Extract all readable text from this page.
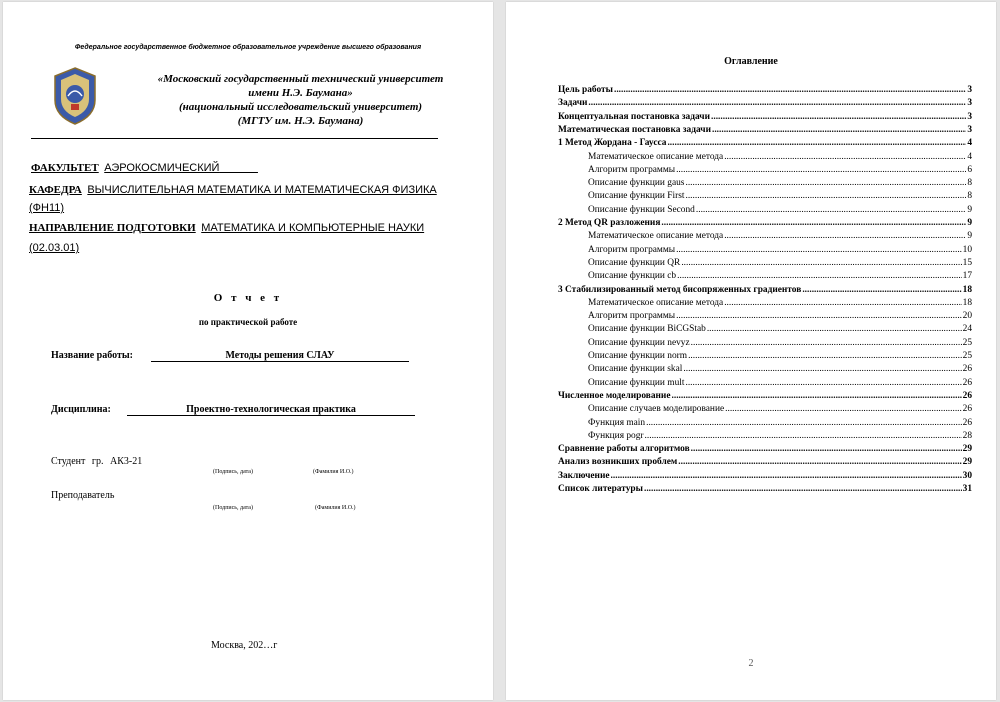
Федеральное государственное бюджетное образовательное учреждение высшего образования
«Московский государственный технический университет
имени Н.Э. Баумана»
(национальный исследовательский университет)
(МГТУ им. Н.Э. Баумана)
ФАКУЛЬТЕТ АЭРОКОСМИЧЕСКИЙ
КАФЕДРА ВЫЧИСЛИТЕЛЬНАЯ МАТЕМАТИКА И МАТЕМАТИЧЕСКАЯ ФИЗИКА
(ФН11)
НАПРАВЛЕНИЕ ПОДГОТОВКИ МАТЕМАТИКА И КОМПЬЮТЕРНЫЕ НАУКИ
(02.03.01)
О т ч е т
по практической работе
Название работы:	Методы решения СЛАУ
Дисциплина:	Проектно-технологическая практика
Студент гр. АК3-21
(Подпись, дата)	(Фамилия И.О.)
Преподаватель
(Подпись, дата)	(Фамилия И.О.)
Москва, 202…г
Оглавление
Цель работы .....	3
Задачи .....	3
Концептуальная постановка задачи .....	3
Математическая постановка задачи .....	3
1 Метод Жордана - Гаусса .....	4
Математическое описание метода .....	4
Алгоритм программы .....	6
Описание функции gaus .....	8
Описание функции First .....	8
Описание функции Second .....	9
2 Метод QR разложения .....	9
Математическое описание метода .....	9
Алгоритм программы .....	10
Описание функции QR .....	15
Описание функции cb .....	17
3 Стабилизированный метод бисопряженных градиентов .....	18
Математическое описание метода .....	18
Алгоритм программы .....	20
Описание функции BiCGStab .....	24
Описание функции nevyz .....	25
Описание функции norm .....	25
Описание функции skal .....	26
Описание функции mult .....	26
Численное моделирование .....	26
Описание случаев моделирование .....	26
Функция main .....	26
Функция pogr .....	28
Сравнение работы алгоритмов .....	29
Анализ возникших проблем .....	29
Заключение .....	30
Список литературы .....	31
2
